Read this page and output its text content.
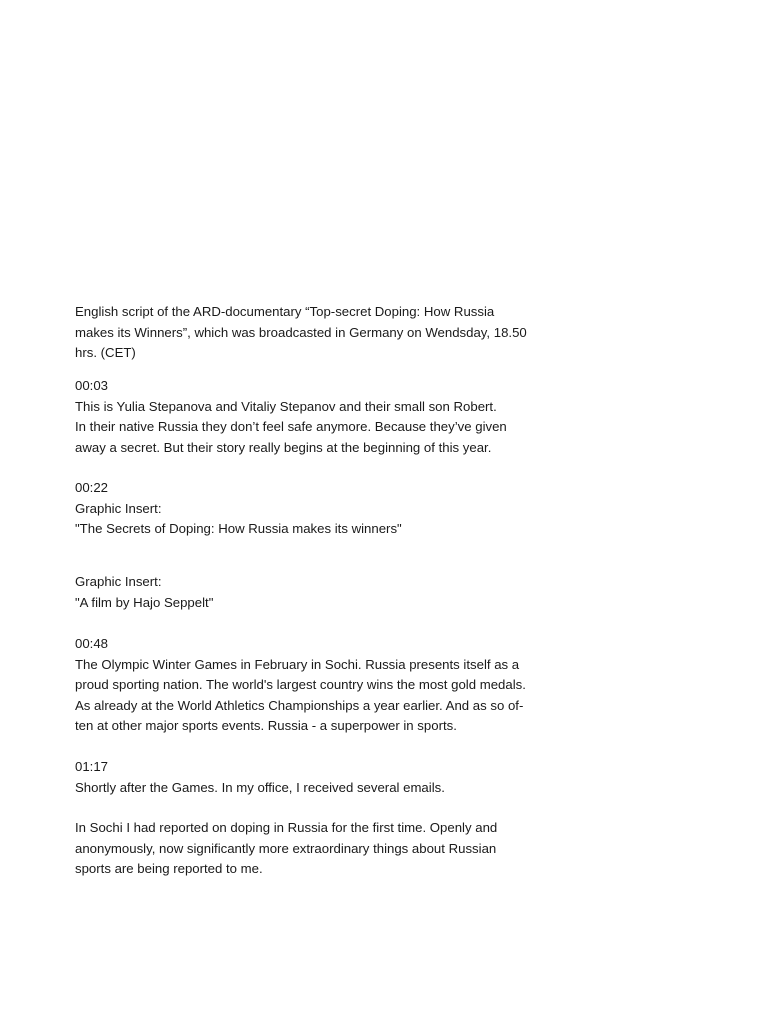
English script of the ARD-documentary “Top-secret Doping: How Russia
makes its Winners”, which was broadcasted in Germany on Wendsday, 18.50
hrs. (CET)
00:03
This is Yulia Stepanova and Vitaliy Stepanov and their small son Robert.
In their native Russia they don’t feel safe anymore. Because they’ve given
away a secret. But their story really begins at the beginning of this year.
00:22
Graphic Insert:
"The Secrets of Doping: How Russia makes its winners"
Graphic Insert:
"A film by Hajo Seppelt"
00:48
The Olympic Winter Games in February in Sochi. Russia presents itself as a
proud sporting nation. The world's largest country wins the most gold medals.
As already at the World Athletics Championships a year earlier. And as so of-
ten at other major sports events. Russia - a superpower in sports.
01:17
Shortly after the Games. In my office, I received several emails.
In Sochi I had reported on doping in Russia for the first time. Openly and
anonymously, now significantly more extraordinary things about Russian
sports are being reported to me.
